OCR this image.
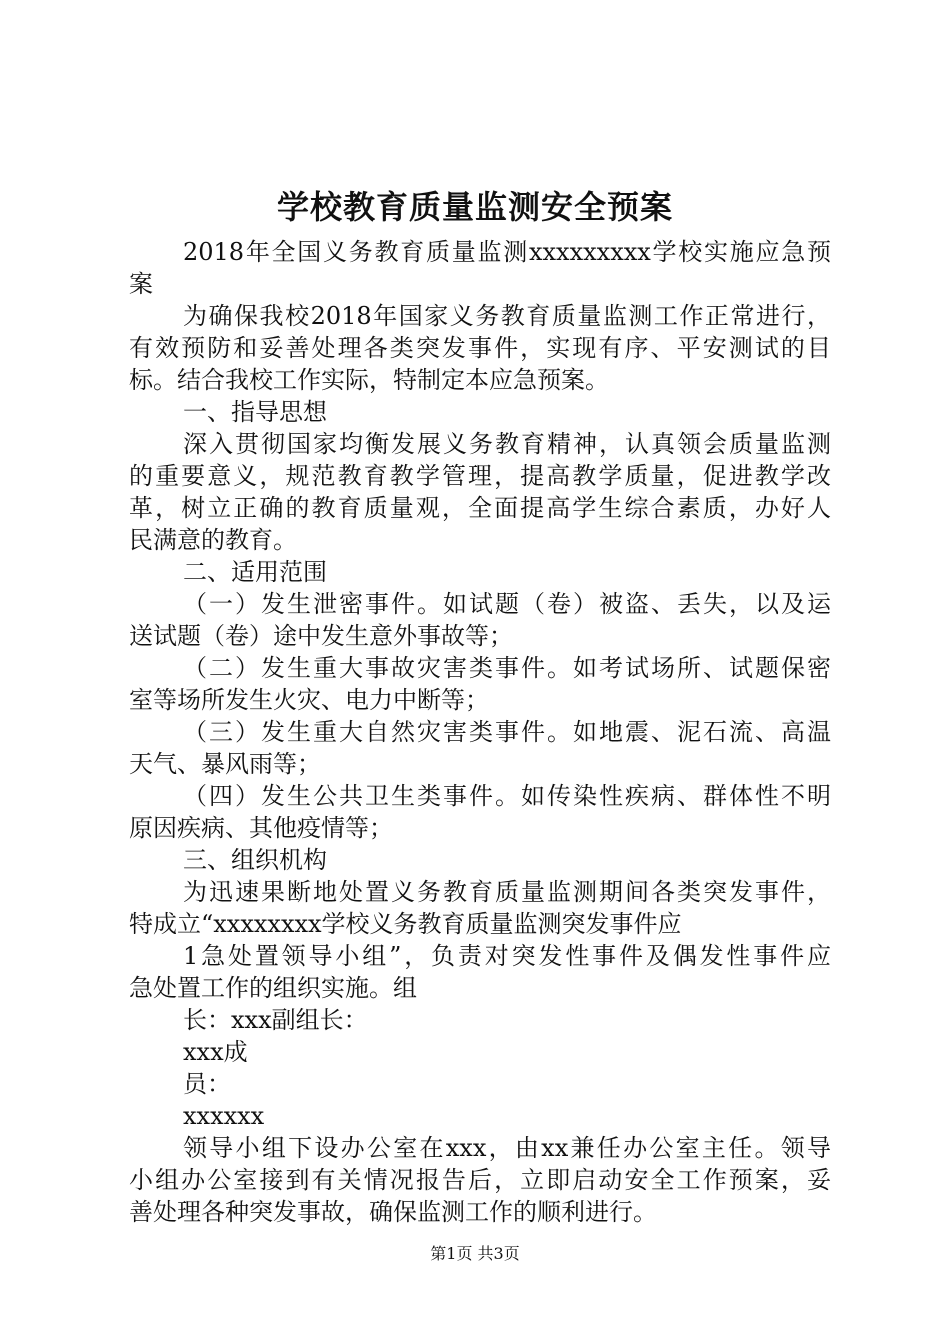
学校教育质量监测安全预案
2018年全国义务教育质量监测xxxxxxxxx学校实施应急预
案
为确保我校2018年国家义务教育质量监测工作正常进行，
有效预防和妥善处理各类突发事件，实现有序、平安测试的目
标。结合我校工作实际，特制定本应急预案。
一、指导思想
深入贯彻国家均衡发展义务教育精神，认真领会质量监测
的重要意义，规范教育教学管理，提高教学质量，促进教学改
革，树立正确的教育质量观，全面提高学生综合素质，办好人
民满意的教育。
二、适用范围
（一）发生泄密事件。如试题（卷）被盗、丢失，以及运
送试题（卷）途中发生意外事故等；
（二）发生重大事故灾害类事件。如考试场所、试题保密
室等场所发生火灾、电力中断等；
（三）发生重大自然灾害类事件。如地震、泥石流、高温
天气、暴风雨等；
（四）发生公共卫生类事件。如传染性疾病、群体性不明
原因疾病、其他疫情等；
三、组织机构
为迅速果断地处置义务教育质量监测期间各类突发事件，
特成立“xxxxxxxx学校义务教育质量监测突发事件应
1急处置领导小组”，负责对突发性事件及偶发性事件应
急处置工作的组织实施。组
长：xxx副组长：
xxx成
员：
xxxxxx
领导小组下设办公室在xxx，由xx兼任办公室主任。领导
小组办公室接到有关情况报告后，立即启动安全工作预案，妥
善处理各种突发事故，确保监测工作的顺利进行。
第1页 共3页
